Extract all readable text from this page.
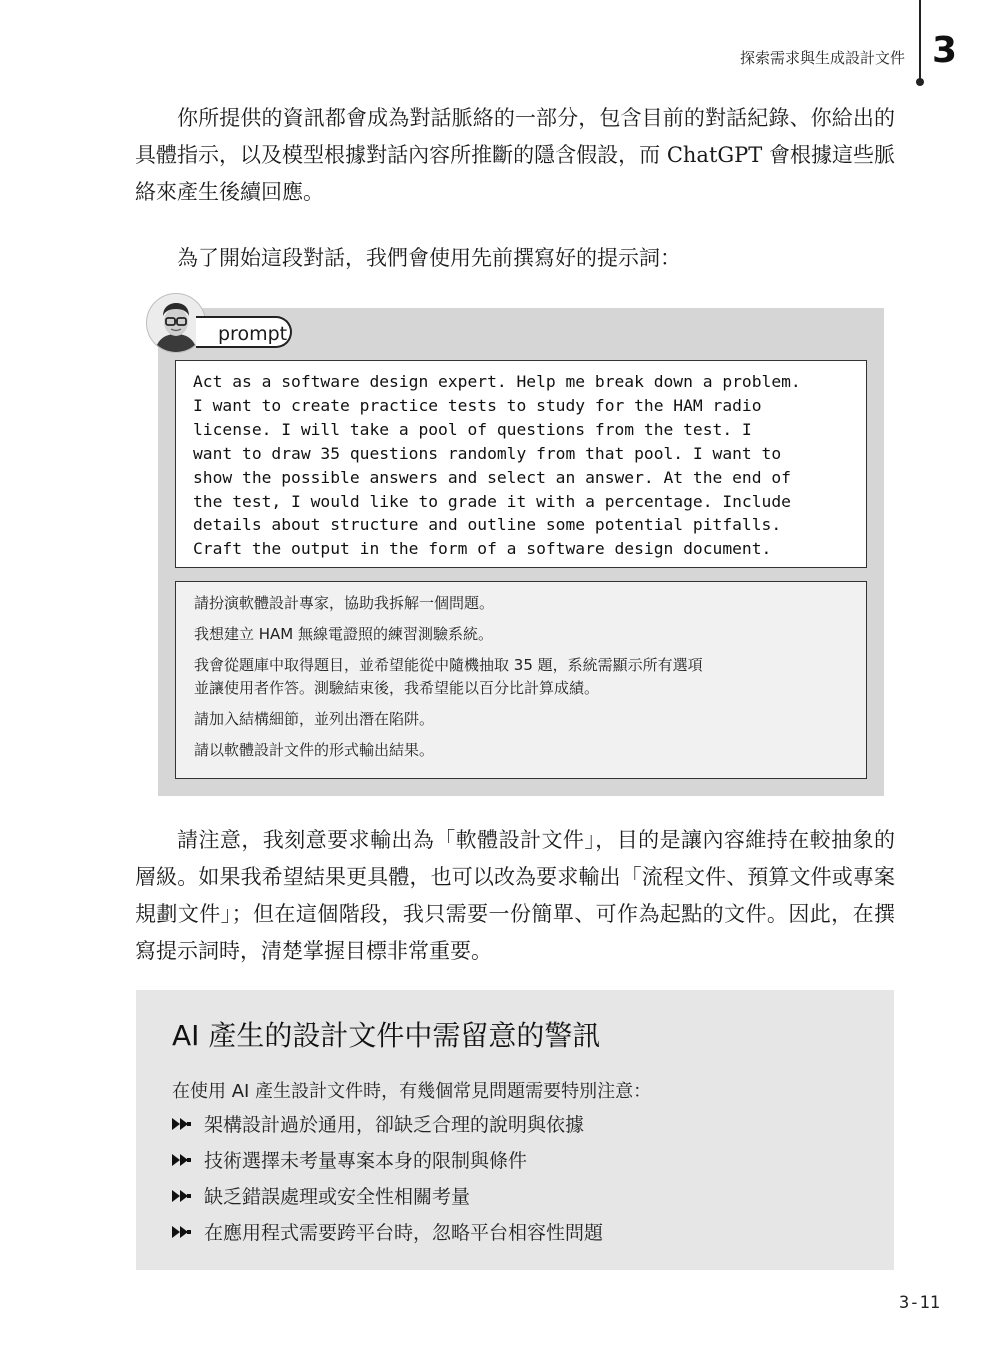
探索需求與生成設計文件 3

你所提供的資訊都會成為對話脈絡的一部分，包含目前的對話紀錄、你給出的具體指示，以及模型根據對話內容所推斷的隱含假設，而 ChatGPT 會根據這些脈絡來產生後續回應。

為了開始這段對話，我們會使用先前撰寫好的提示詞：

prompt
Act as a software design expert. Help me break down a problem.
I want to create practice tests to study for the HAM radio
license. I will take a pool of questions from the test. I
want to draw 35 questions randomly from that pool. I want to
show the possible answers and select an answer. At the end of
the test, I would like to grade it with a percentage. Include
details about structure and outline some potential pitfalls.
Craft the output in the form of a software design document.

請扮演軟體設計專家，協助我拆解一個問題。

我想建立 HAM 無線電證照的練習測驗系統。

我會從題庫中取得題目，並希望能從中隨機抽取 35 題，系統需顯示所有選項

並讓使用者作答。測驗結束後，我希望能以百分比計算成績。

請加入結構細節，並列出潛在陷阱。

請以軟體設計文件的形式輸出結果。

請注意，我刻意要求輸出為「軟體設計文件」，目的是讓內容維持在較抽象的層級。如果我希望結果更具體，也可以改為要求輸出「流程文件、預算文件或專案規劃文件」；但在這個階段，我只需要一份簡單、可作為起點的文件。因此，在撰寫提示詞時，清楚掌握目標非常重要。

AI 產生的設計文件中需留意的警訊
在使用 AI 產生設計文件時，有幾個常見問題需要特別注意：
架構設計過於通用，卻缺乏合理的說明與依據
技術選擇未考量專案本身的限制與條件
缺乏錯誤處理或安全性相關考量
在應用程式需要跨平台時，忽略平台相容性問題
3-11
